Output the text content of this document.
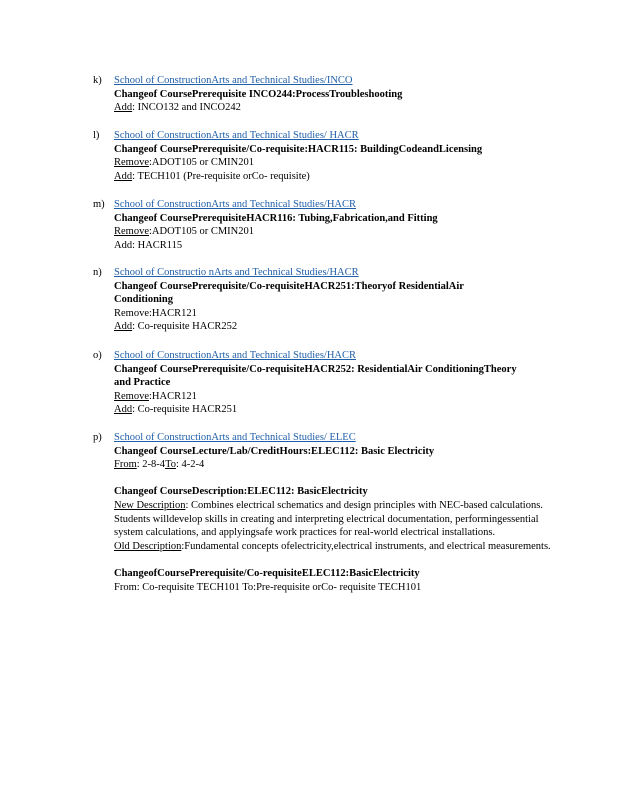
k) School of ConstructionArts and Technical Studies/INCO
Changeof CoursePrerequisite INCO244:ProcessTroubleshooting
Add: INCO132 and INCO242
l) School of ConstructionArts and Technical Studies/ HACR
Changeof CoursePrerequisite/Co-requisite:HACR115: BuildingCodeandLicensing
Remove:ADOT105 or CMIN201
Add: TECH101 (Pre-requisite orCo- requisite)
m) School of ConstructionArts and Technical Studies/HACR
Changeof CoursePrerequisiteHACR116: Tubing,Fabrication,and Fitting
Remove:ADOT105 or CMIN201
Add: HACR115
n) School of Constructio nArts and Technical Studies/HACR
Changeof CoursePrerequisite/Co-requisiteHACR251:Theoryof ResidentialAir
Conditioning
Remove:HACR121
Add: Co-requisite HACR252
o) School of ConstructionArts and Technical Studies/HACR
Changeof CoursePrerequisite/Co-requisiteHACR252: ResidentialAir ConditioningTheory
and Practice
Remove:HACR121
Add: Co-requisite HACR251
p) School of ConstructionArts and Technical Studies/ ELEC
Changeof CourseLecture/Lab/CreditHours:ELEC112: Basic Electricity
From: 2-8-4To: 4-2-4
Changeof CourseDescription:ELEC112: BasicElectricity
New Description: Combines electrical schematics and design principles with NEC-based calculations. Students willdevelop skills in creating and interpreting electrical documentation, performingessential system calculations, and applyingsafe work practices for real-world electrical installations.
Old Description:Fundamental concepts ofelectricity,electrical instruments, and electrical measurements.
ChangeofCoursePrerequisite/Co-requisiteELEC112:BasicElectricity
From: Co-requisite TECH101 To:Pre-requisite orCo- requisite TECH101
